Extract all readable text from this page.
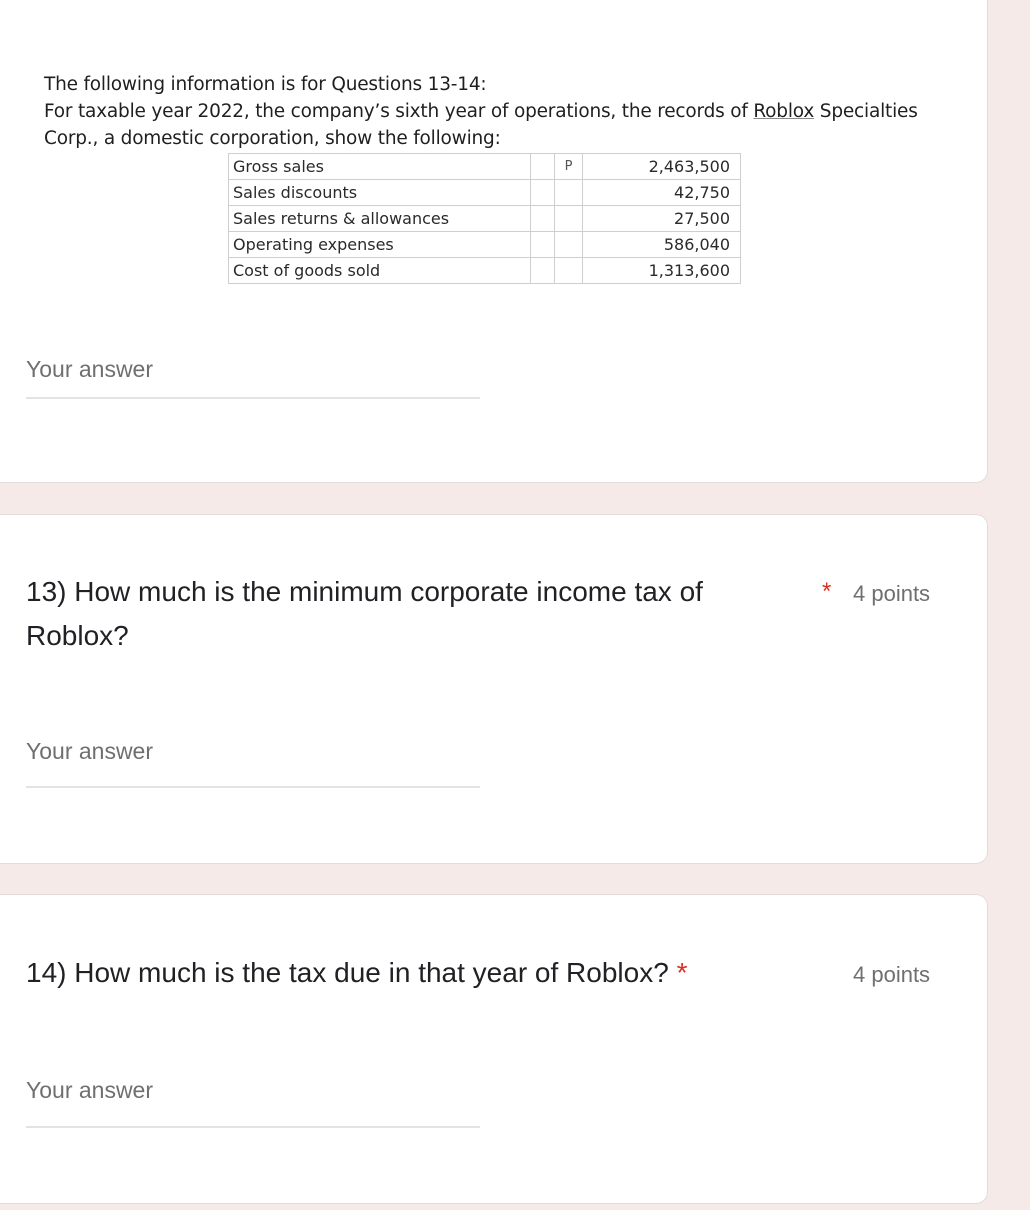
The following information is for Questions 13-14:
For taxable year 2022, the company’s sixth year of operations, the records of Roblox Specialties
Corp., a domestic corporation, show the following:
Gross sales		P	2,463,500
Sales discounts			42,750
Sales returns & allowances			27,500
Operating expenses			586,040
Cost of goods sold			1,313,600
Your answer
13) How much is the minimum corporate income tax of
Roblox?
* 4 points
Your answer
14) How much is the tax due in that year of Roblox? *	4 points
Your answer
